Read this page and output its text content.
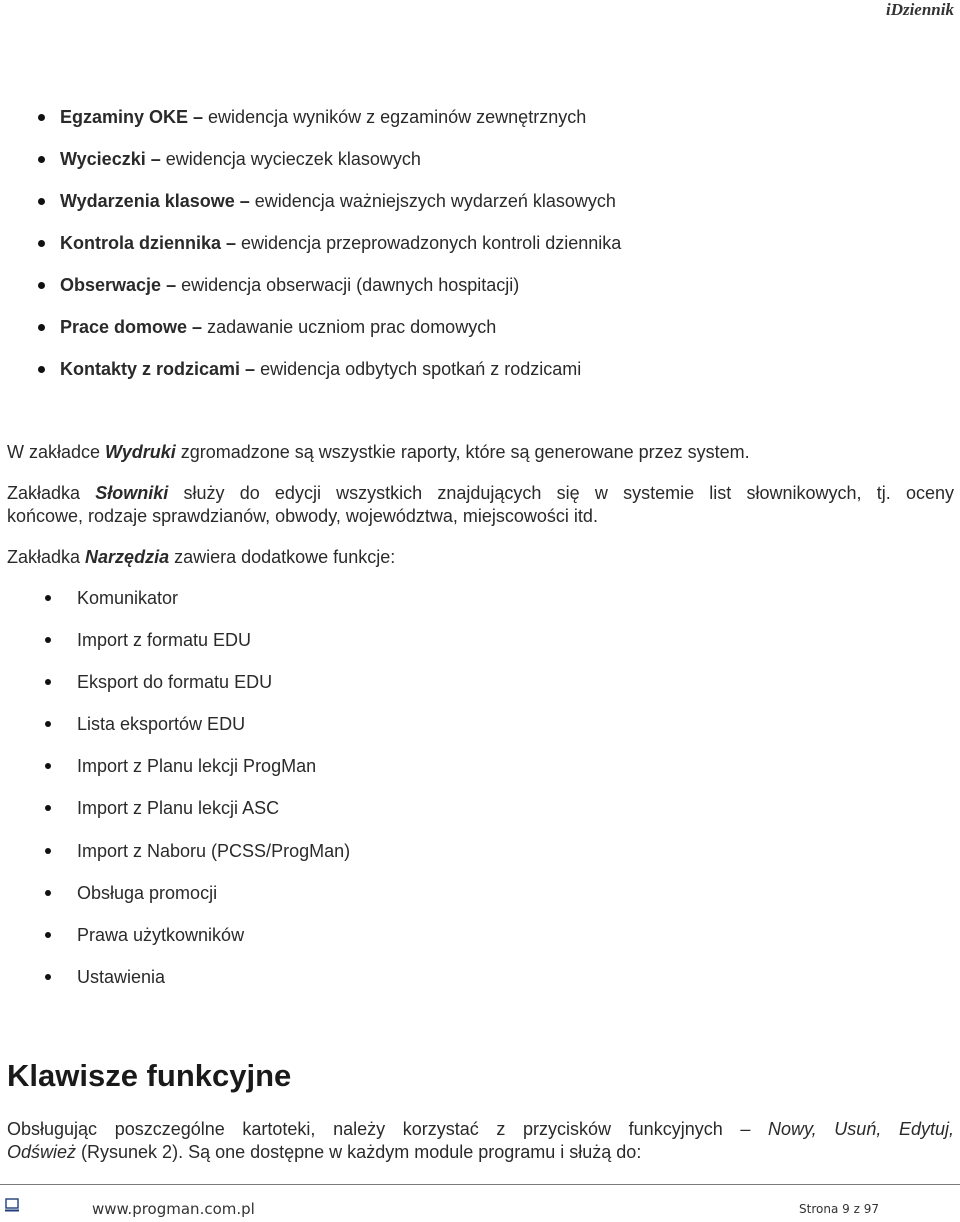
iDziennik
Egzaminy OKE – ewidencja wyników z egzaminów zewnętrznych
Wycieczki – ewidencja wycieczek klasowych
Wydarzenia klasowe – ewidencja ważniejszych wydarzeń klasowych
Kontrola dziennika – ewidencja przeprowadzonych kontroli dziennika
Obserwacje – ewidencja obserwacji (dawnych hospitacji)
Prace domowe – zadawanie uczniom prac domowych
Kontakty z rodzicami – ewidencja odbytych spotkań z rodzicami

W zakładce Wydruki zgromadzone są wszystkie raporty, które są generowane przez system.

Zakładka Słowniki służy do edycji wszystkich znajdujących się w systemie list słownikowych, tj. oceny
końcowe, rodzaje sprawdzianów, obwody, województwa, miejscowości itd.

Zakładka Narzędzia zawiera dodatkowe funkcje:

Komunikator
Import z formatu EDU
Eksport do formatu EDU
Lista eksportów EDU
Import z Planu lekcji ProgMan
Import z Planu lekcji ASC
Import z Naboru (PCSS/ProgMan)
Obsługa promocji
Prawa użytkowników
Ustawienia
Klawisze funkcyjne
Obsługując poszczególne kartoteki, należy korzystać z przycisków funkcyjnych – Nowy, Usuń, Edytuj,
Odśwież (Rysunek 2). Są one dostępne w każdym module programu i służą do:
www.progman.com.pl	Strona 9 z 97
